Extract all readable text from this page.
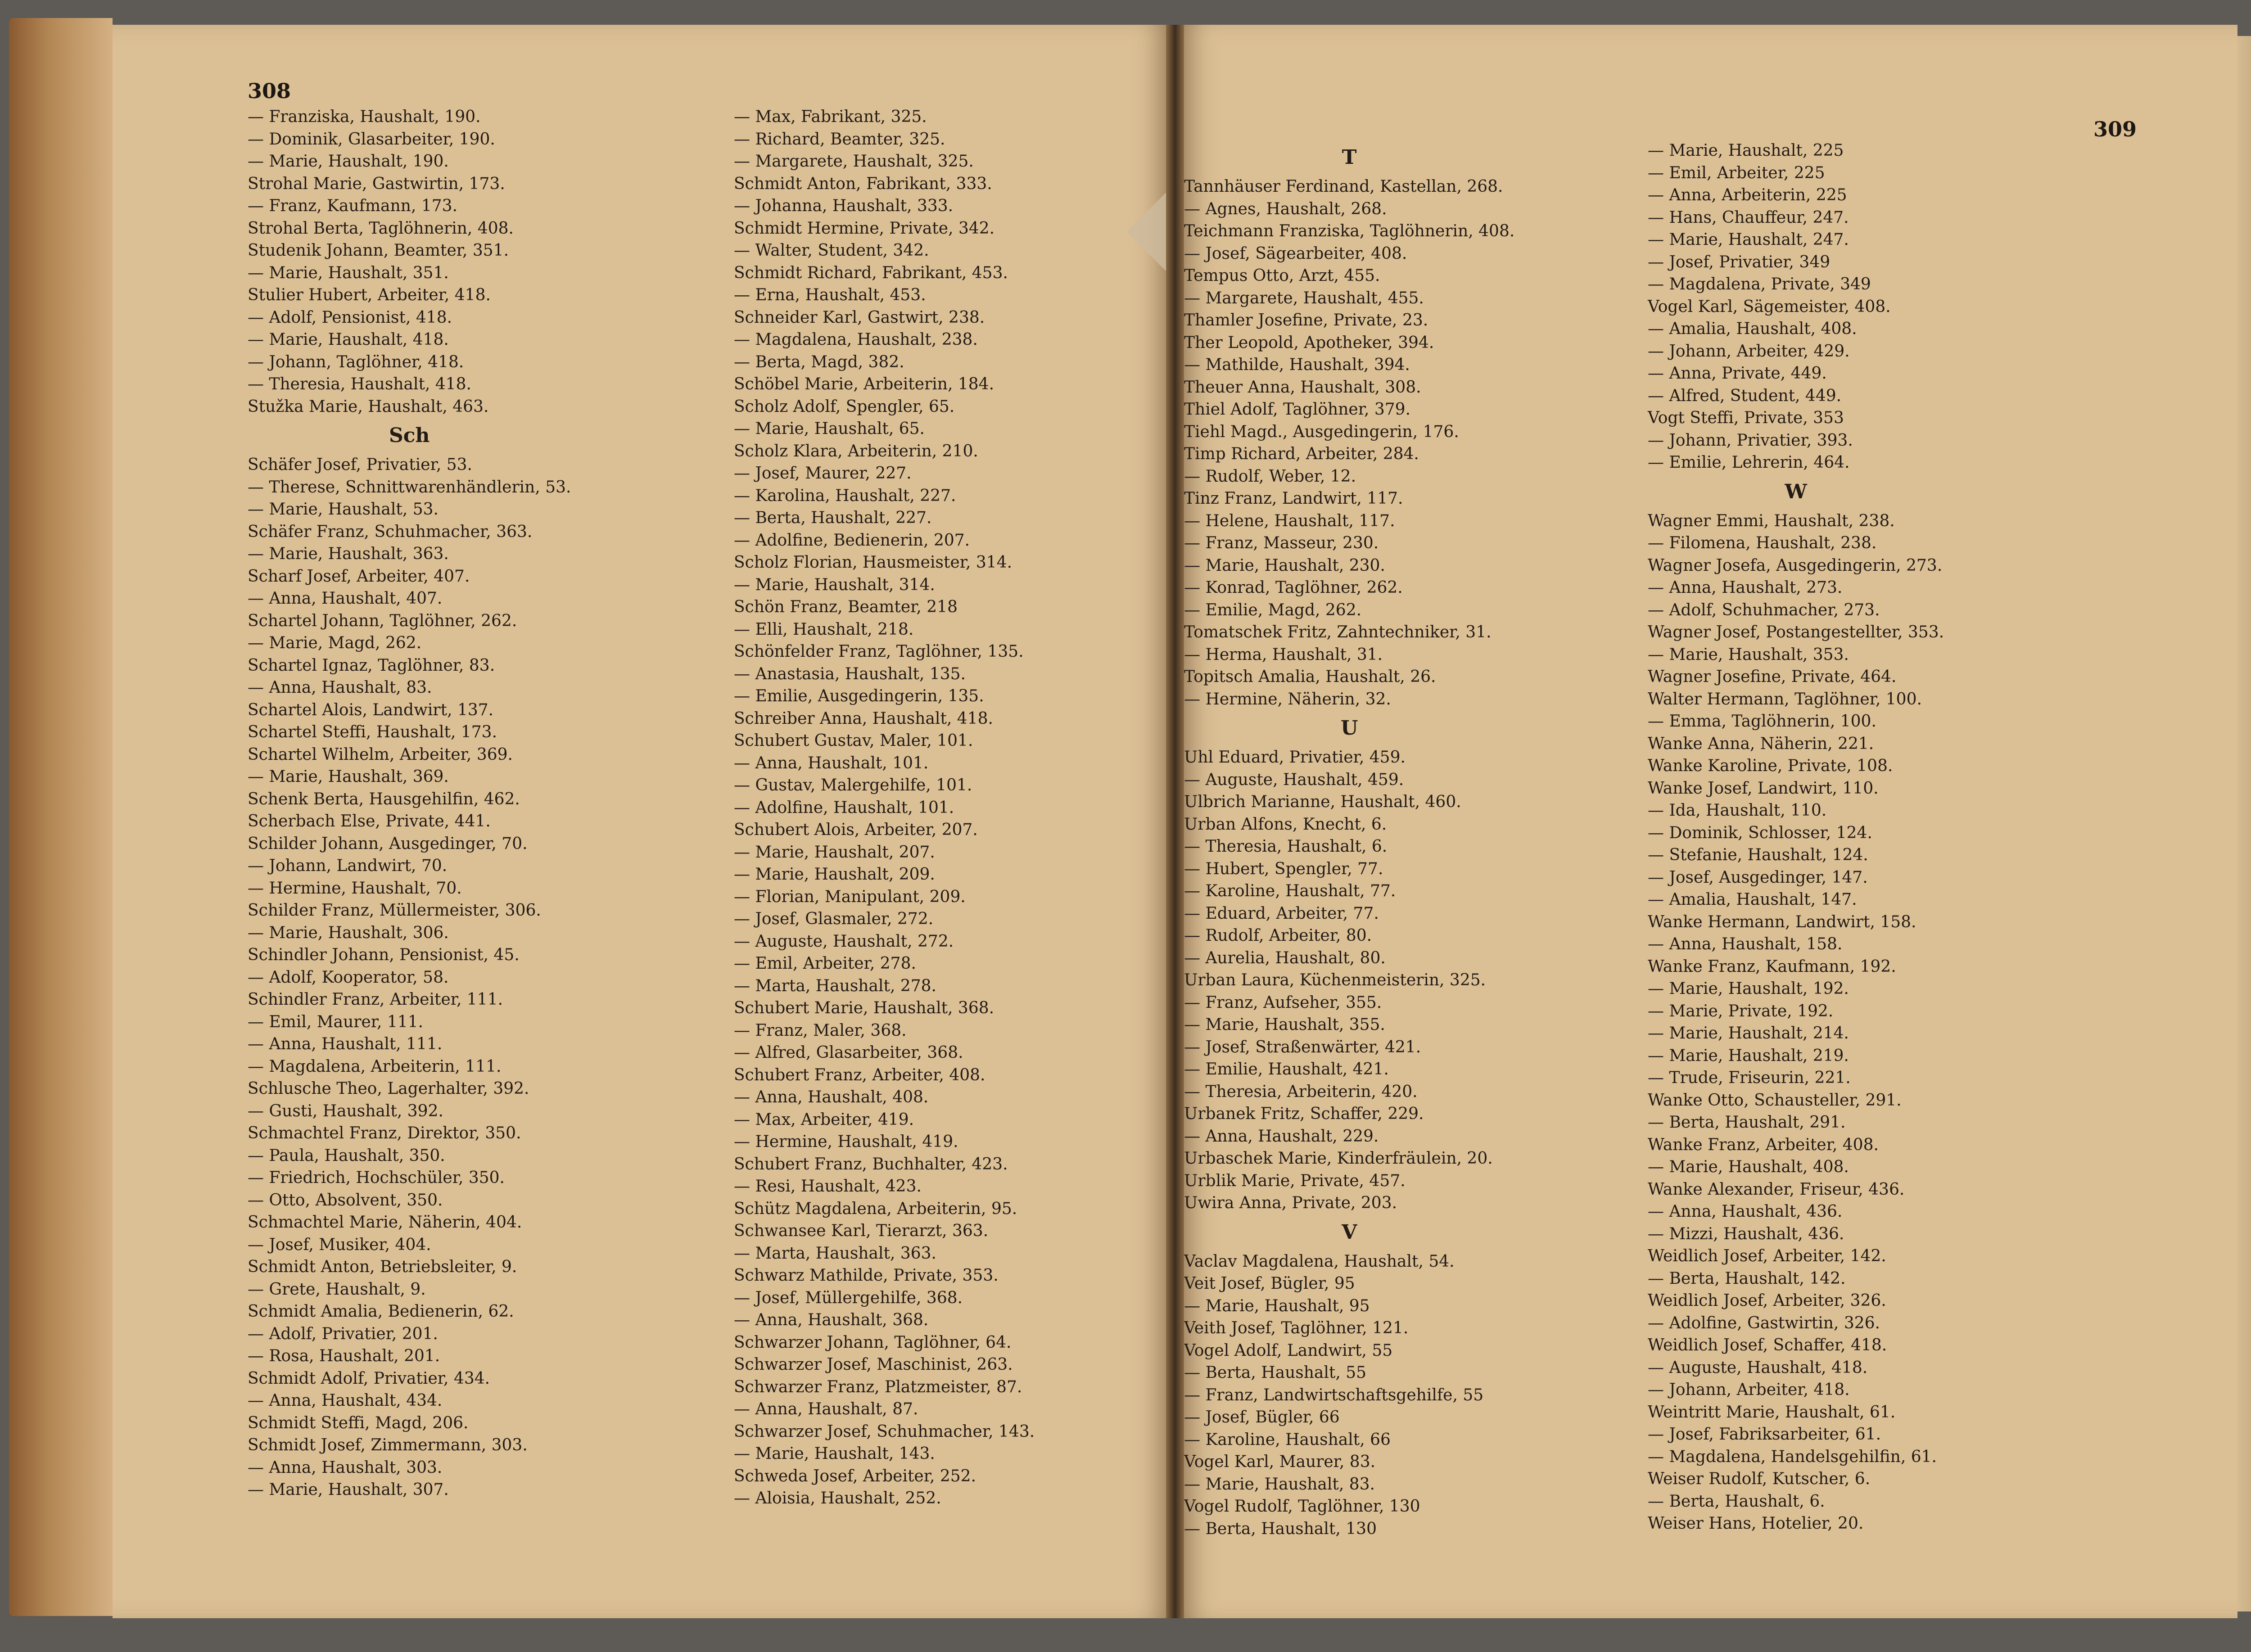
308
— Franziska, Haushalt, 190.
— Dominik, Glasarbeiter, 190.
— Marie, Haushalt, 190.
Strohal Marie, Gastwirtin, 173.
— Franz, Kaufmann, 173.
Strohal Berta, Taglöhnerin, 408.
Studenik Johann, Beamter, 351.
— Marie, Haushalt, 351.
Stulier Hubert, Arbeiter, 418.
— Adolf, Pensionist, 418.
— Marie, Haushalt, 418.
— Johann, Taglöhner, 418.
— Theresia, Haushalt, 418.
Stužka Marie, Haushalt, 463.
Sch
Schäfer Josef, Privatier, 53.
— Therese, Schnittwarenhändlerin, 53.
— Marie, Haushalt, 53.
Schäfer Franz, Schuhmacher, 363.
— Marie, Haushalt, 363.
Scharf Josef, Arbeiter, 407.
— Anna, Haushalt, 407.
Schartel Johann, Taglöhner, 262.
— Marie, Magd, 262.
Schartel Ignaz, Taglöhner, 83.
— Anna, Haushalt, 83.
Schartel Alois, Landwirt, 137.
Schartel Steffi, Haushalt, 173.
Schartel Wilhelm, Arbeiter, 369.
— Marie, Haushalt, 369.
Schenk Berta, Hausgehilfin, 462.
Scherbach Else, Private, 441.
Schilder Johann, Ausgedinger, 70.
— Johann, Landwirt, 70.
— Hermine, Haushalt, 70.
Schilder Franz, Müllermeister, 306.
— Marie, Haushalt, 306.
Schindler Johann, Pensionist, 45.
— Adolf, Kooperator, 58.
Schindler Franz, Arbeiter, 111.
— Emil, Maurer, 111.
— Anna, Haushalt, 111.
— Magdalena, Arbeiterin, 111.
Schlusche Theo, Lagerhalter, 392.
— Gusti, Haushalt, 392.
Schmachtel Franz, Direktor, 350.
— Paula, Haushalt, 350.
— Friedrich, Hochschüler, 350.
— Otto, Absolvent, 350.
Schmachtel Marie, Näherin, 404.
— Josef, Musiker, 404.
Schmidt Anton, Betriebsleiter, 9.
— Grete, Haushalt, 9.
Schmidt Amalia, Bedienerin, 62.
— Adolf, Privatier, 201.
— Rosa, Haushalt, 201.
Schmidt Adolf, Privatier, 434.
— Anna, Haushalt, 434.
Schmidt Steffi, Magd, 206.
Schmidt Josef, Zimmermann, 303.
— Anna, Haushalt, 303.
— Marie, Haushalt, 307.
— Max, Fabrikant, 325.
— Richard, Beamter, 325.
— Margarete, Haushalt, 325.
Schmidt Anton, Fabrikant, 333.
— Johanna, Haushalt, 333.
Schmidt Hermine, Private, 342.
— Walter, Student, 342.
Schmidt Richard, Fabrikant, 453.
— Erna, Haushalt, 453.
Schneider Karl, Gastwirt, 238.
— Magdalena, Haushalt, 238.
— Berta, Magd, 382.
Schöbel Marie, Arbeiterin, 184.
Scholz Adolf, Spengler, 65.
— Marie, Haushalt, 65.
Scholz Klara, Arbeiterin, 210.
— Josef, Maurer, 227.
— Karolina, Haushalt, 227.
— Berta, Haushalt, 227.
— Adolfine, Bedienerin, 207.
Scholz Florian, Hausmeister, 314.
— Marie, Haushalt, 314.
Schön Franz, Beamter, 218
— Elli, Haushalt, 218.
Schönfelder Franz, Taglöhner, 135.
— Anastasia, Haushalt, 135.
— Emilie, Ausgedingerin, 135.
Schreiber Anna, Haushalt, 418.
Schubert Gustav, Maler, 101.
— Anna, Haushalt, 101.
— Gustav, Malergehilfe, 101.
— Adolfine, Haushalt, 101.
Schubert Alois, Arbeiter, 207.
— Marie, Haushalt, 207.
— Marie, Haushalt, 209.
— Florian, Manipulant, 209.
— Josef, Glasmaler, 272.
— Auguste, Haushalt, 272.
— Emil, Arbeiter, 278.
— Marta, Haushalt, 278.
Schubert Marie, Haushalt, 368.
— Franz, Maler, 368.
— Alfred, Glasarbeiter, 368.
Schubert Franz, Arbeiter, 408.
— Anna, Haushalt, 408.
— Max, Arbeiter, 419.
— Hermine, Haushalt, 419.
Schubert Franz, Buchhalter, 423.
— Resi, Haushalt, 423.
Schütz Magdalena, Arbeiterin, 95.
Schwansee Karl, Tierarzt, 363.
— Marta, Haushalt, 363.
Schwarz Mathilde, Private, 353.
— Josef, Müllergehilfe, 368.
— Anna, Haushalt, 368.
Schwarzer Johann, Taglöhner, 64.
Schwarzer Josef, Maschinist, 263.
Schwarzer Franz, Platzmeister, 87.
— Anna, Haushalt, 87.
Schwarzer Josef, Schuhmacher, 143.
— Marie, Haushalt, 143.
Schweda Josef, Arbeiter, 252.
— Aloisia, Haushalt, 252.
309
T
Tannhäuser Ferdinand, Kastellan, 268.
— Agnes, Haushalt, 268.
Teichmann Franziska, Taglöhnerin, 408.
— Josef, Sägearbeiter, 408.
Tempus Otto, Arzt, 455.
— Margarete, Haushalt, 455.
Thamler Josefine, Private, 23.
Ther Leopold, Apotheker, 394.
— Mathilde, Haushalt, 394.
Theuer Anna, Haushalt, 308.
Thiel Adolf, Taglöhner, 379.
Tiehl Magd., Ausgedingerin, 176.
Timp Richard, Arbeiter, 284.
— Rudolf, Weber, 12.
Tinz Franz, Landwirt, 117.
— Helene, Haushalt, 117.
— Franz, Masseur, 230.
— Marie, Haushalt, 230.
— Konrad, Taglöhner, 262.
— Emilie, Magd, 262.
Tomatschek Fritz, Zahntechniker, 31.
— Herma, Haushalt, 31.
Topitsch Amalia, Haushalt, 26.
— Hermine, Näherin, 32.
U
Uhl Eduard, Privatier, 459.
— Auguste, Haushalt, 459.
Ulbrich Marianne, Haushalt, 460.
Urban Alfons, Knecht, 6.
— Theresia, Haushalt, 6.
— Hubert, Spengler, 77.
— Karoline, Haushalt, 77.
— Eduard, Arbeiter, 77.
— Rudolf, Arbeiter, 80.
— Aurelia, Haushalt, 80.
Urban Laura, Küchenmeisterin, 325.
— Franz, Aufseher, 355.
— Marie, Haushalt, 355.
— Josef, Straßenwärter, 421.
— Emilie, Haushalt, 421.
— Theresia, Arbeiterin, 420.
Urbanek Fritz, Schaffer, 229.
— Anna, Haushalt, 229.
Urbaschek Marie, Kinderfräulein, 20.
Urblik Marie, Private, 457.
Uwira Anna, Private, 203.
V
Vaclav Magdalena, Haushalt, 54.
Veit Josef, Bügler, 95
— Marie, Haushalt, 95
Veith Josef, Taglöhner, 121.
Vogel Adolf, Landwirt, 55
— Berta, Haushalt, 55
— Franz, Landwirtschaftsgehilfe, 55
— Josef, Bügler, 66
— Karoline, Haushalt, 66
Vogel Karl, Maurer, 83.
— Marie, Haushalt, 83.
Vogel Rudolf, Taglöhner, 130
— Berta, Haushalt, 130
— Marie, Haushalt, 225
— Emil, Arbeiter, 225
— Anna, Arbeiterin, 225
— Hans, Chauffeur, 247.
— Marie, Haushalt, 247.
— Josef, Privatier, 349
— Magdalena, Private, 349
Vogel Karl, Sägemeister, 408.
— Amalia, Haushalt, 408.
— Johann, Arbeiter, 429.
— Anna, Private, 449.
— Alfred, Student, 449.
Vogt Steffi, Private, 353
— Johann, Privatier, 393.
— Emilie, Lehrerin, 464.
W
Wagner Emmi, Haushalt, 238.
— Filomena, Haushalt, 238.
Wagner Josefa, Ausgedingerin, 273.
— Anna, Haushalt, 273.
— Adolf, Schuhmacher, 273.
Wagner Josef, Postangestellter, 353.
— Marie, Haushalt, 353.
Wagner Josefine, Private, 464.
Walter Hermann, Taglöhner, 100.
— Emma, Taglöhnerin, 100.
Wanke Anna, Näherin, 221.
Wanke Karoline, Private, 108.
Wanke Josef, Landwirt, 110.
— Ida, Haushalt, 110.
— Dominik, Schlosser, 124.
— Stefanie, Haushalt, 124.
— Josef, Ausgedinger, 147.
— Amalia, Haushalt, 147.
Wanke Hermann, Landwirt, 158.
— Anna, Haushalt, 158.
Wanke Franz, Kaufmann, 192.
— Marie, Haushalt, 192.
— Marie, Private, 192.
— Marie, Haushalt, 214.
— Marie, Haushalt, 219.
— Trude, Friseurin, 221.
Wanke Otto, Schausteller, 291.
— Berta, Haushalt, 291.
Wanke Franz, Arbeiter, 408.
— Marie, Haushalt, 408.
Wanke Alexander, Friseur, 436.
— Anna, Haushalt, 436.
— Mizzi, Haushalt, 436.
Weidlich Josef, Arbeiter, 142.
— Berta, Haushalt, 142.
Weidlich Josef, Arbeiter, 326.
— Adolfine, Gastwirtin, 326.
Weidlich Josef, Schaffer, 418.
— Auguste, Haushalt, 418.
— Johann, Arbeiter, 418.
Weintritt Marie, Haushalt, 61.
— Josef, Fabriksarbeiter, 61.
— Magdalena, Handelsgehilfin, 61.
Weiser Rudolf, Kutscher, 6.
— Berta, Haushalt, 6.
Weiser Hans, Hotelier, 20.
